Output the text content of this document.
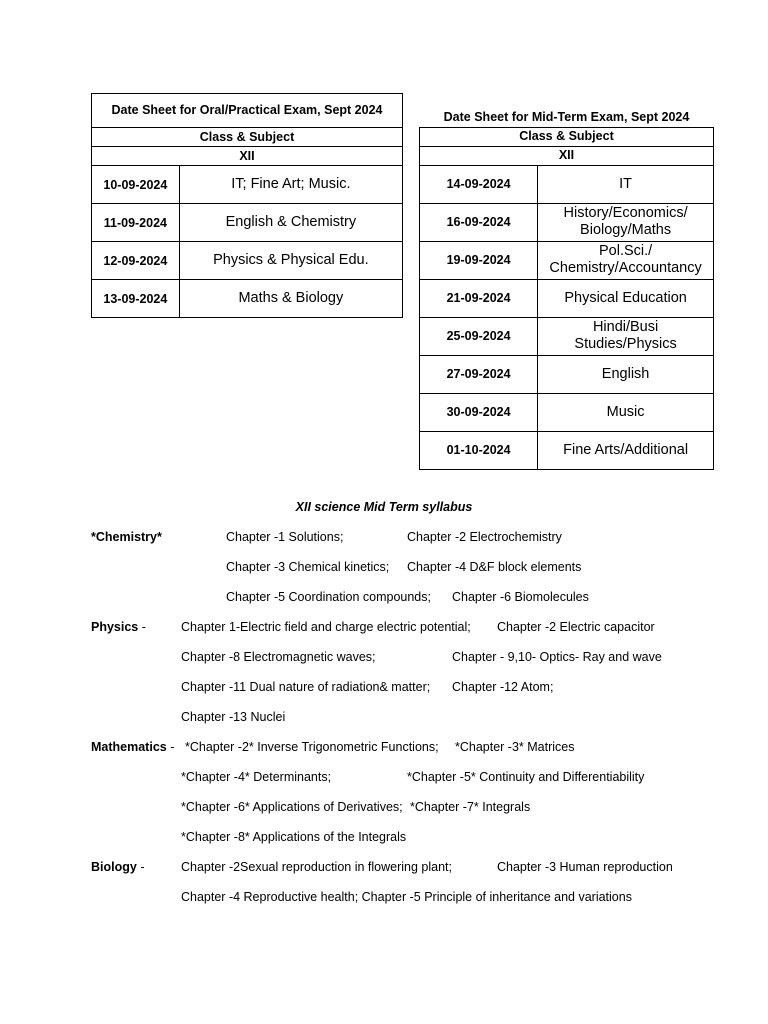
Date Sheet for Oral/Practical Exam, Sept 2024	
Class & Subject	
XII	
10-09-2024	IT; Fine Art; Music.
11-09-2024	English & Chemistry
12-09-2024	Physics & Physical Edu.
13-09-2024	Maths & Biology
Date Sheet for Mid-Term Exam, Sept 2024	
Class & Subject	
XII	
14-09-2024	IT
16-09-2024	History/Economics/ Biology/Maths
19-09-2024	Pol.Sci./ Chemistry/Accountancy
21-09-2024	Physical Education
25-09-2024	Hindi/Busi Studies/Physics
27-09-2024	English
30-09-2024	Music
01-10-2024	Fine Arts/Additional
XII science Mid Term syllabus
*Chemistry*	Chapter -1 Solutions;	Chapter -2 Electrochemistry
Chapter -3 Chemical kinetics; Chapter -4 D&F block elements
Chapter -5 Coordination compounds; Chapter -6 Biomolecules
Physics -	Chapter 1-Electric field and charge electric potential; Chapter -2 Electric capacitor
Chapter -8 Electromagnetic waves;	Chapter - 9,10- Optics- Ray and wave
Chapter -11 Dual nature of radiation& matter; Chapter -12 Atom;
Chapter -13 Nuclei
Mathematics - *Chapter -2* Inverse Trigonometric Functions; *Chapter -3* Matrices
*Chapter -4* Determinants;	*Chapter -5* Continuity and Differentiability
*Chapter -6* Applications of Derivatives; *Chapter -7* Integrals
*Chapter -8* Applications of the Integrals
Biology -	Chapter -2Sexual reproduction in flowering plant;	Chapter -3 Human reproduction
Chapter -4 Reproductive health; Chapter -5 Principle of inheritance and variations
